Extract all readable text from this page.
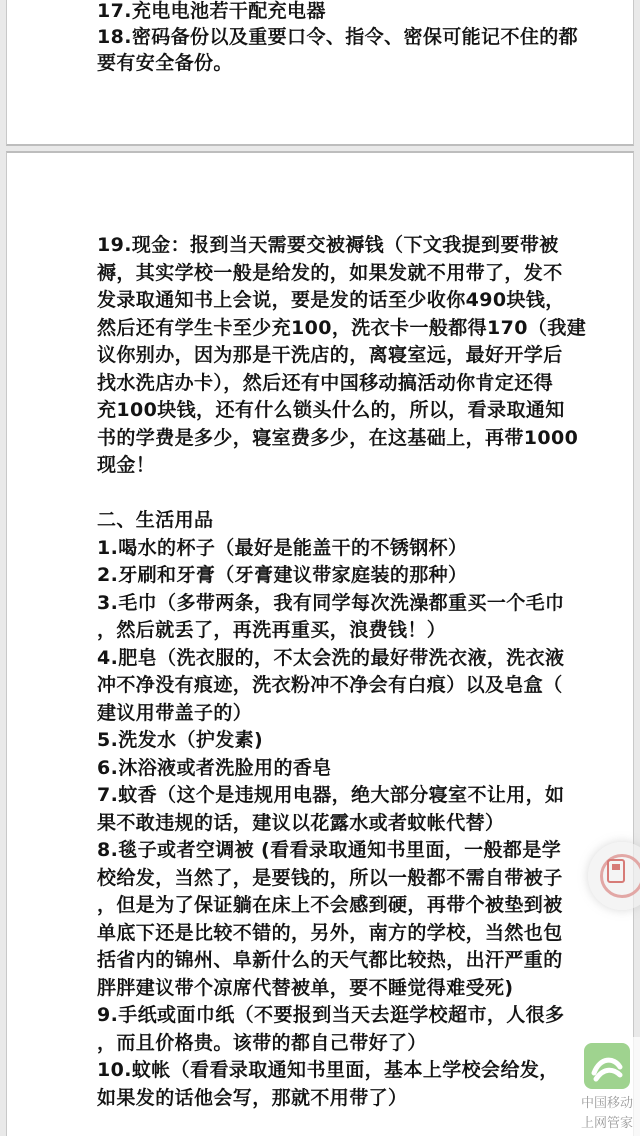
17.充电电池若干配充电器

18.密码备份以及重要口令、指令、密保可能记不住的都

要有安全备份。

19.现金：报到当天需要交被褥钱（下文我提到要带被

褥，其实学校一般是给发的，如果发就不用带了，发不

发录取通知书上会说，要是发的话至少收你490块钱，

然后还有学生卡至少充100，洗衣卡一般都得170（我建

议你别办，因为那是干洗店的，离寝室远，最好开学后

找水洗店办卡），然后还有中国移动搞活动你肯定还得

充100块钱，还有什么锁头什么的，所以，看录取通知

书的学费是多少，寝室费多少，在这基础上，再带1000

现金！

二、生活用品

1.喝水的杯子（最好是能盖干的不锈钢杯）

2.牙刷和牙膏（牙膏建议带家庭装的那种）

3.毛巾（多带两条，我有同学每次洗澡都重买一个毛巾

，然后就丢了，再洗再重买，浪费钱！）

4.肥皂（洗衣服的，不太会洗的最好带洗衣液，洗衣液

冲不净没有痕迹，洗衣粉冲不净会有白痕）以及皂盒（

建议用带盖子的）

5.洗发水（护发素)

6.沐浴液或者洗脸用的香皂

7.蚊香（这个是违规用电器，绝大部分寝室不让用，如

果不敢违规的话，建议以花露水或者蚊帐代替）

8.毯子或者空调被 (看看录取通知书里面，一般都是学

校给发，当然了，是要钱的，所以一般都不需自带被子

，但是为了保证躺在床上不会感到硬，再带个被垫到被

单底下还是比较不错的，另外，南方的学校，当然也包

括省内的锦州、阜新什么的天气都比较热，出汗严重的

胖胖建议带个凉席代替被单，要不睡觉得难受死)

9.手纸或面巾纸（不要报到当天去逛学校超市，人很多

，而且价格贵。该带的都自己带好了）

10.蚊帐（看看录取通知书里面，基本上学校会给发，

如果发的话他会写，那就不用带了）	中国移动
上网管家
